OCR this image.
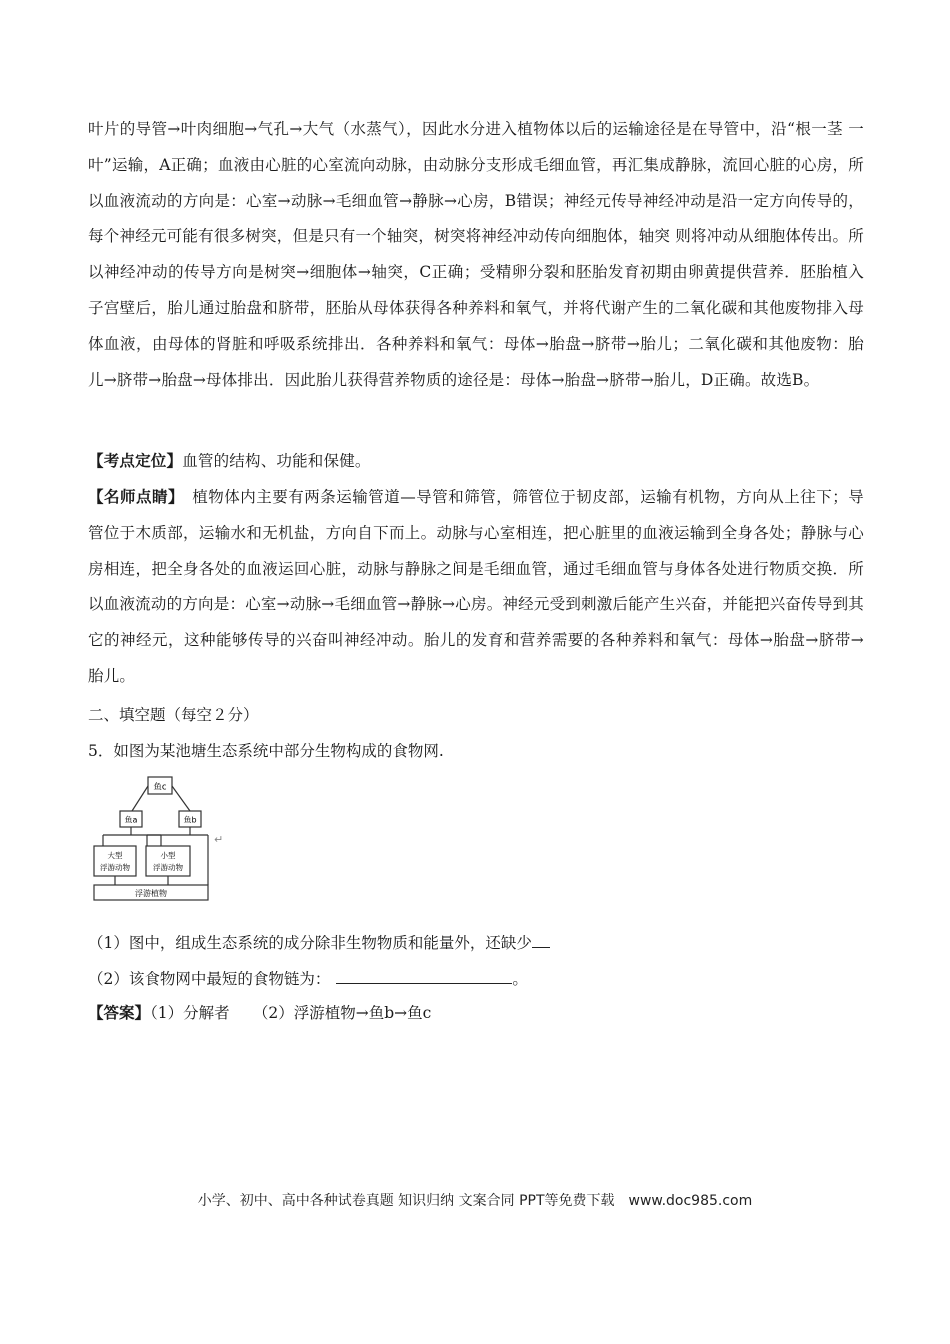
叶片的导管→叶肉细胞→气孔→大气（水蒸气），因此水分进入植物体以后的运输途径是在导管中，沿“根一茎 一叶”运输，A正确；血液由心脏的心室流向动脉，由动脉分支形成毛细血管，再汇集成静脉，流回心脏的心房，所以血液流动的方向是：心室→动脉→毛细血管→静脉→心房，B错误；神经元传导神经冲动是沿一定方向传导的，每个神经元可能有很多树突，但是只有一个轴突，树突将神经冲动传向细胞体，轴突 则将冲动从细胞体传出。所以神经冲动的传导方向是树突→细胞体→轴突，C正确；受精卵分裂和胚胎发育初期由卵黄提供营养．胚胎植入子宫壁后，胎儿通过胎盘和脐带，胚胎从母体获得各种养料和氧气，并将代谢产生的二氧化碳和其他废物排入母体血液，由母体的肾脏和呼吸系统排出．各种养料和氧气：母体→胎盘→脐带→胎儿；二氧化碳和其他废物：胎儿→脐带→胎盘→母体排出．因此胎儿获得营养物质的途径是：母体→胎盘→脐带→胎儿，D正确。故选B。

【考点定位】血管的结构、功能和保健。

【名师点睛】　植物体内主要有两条运输管道—导管和筛管，筛管位于韧皮部，运输有机物，方向从上往下；导管位于木质部，运输水和无机盐，方向自下而上。动脉与心室相连，把心脏里的血液运输到全身各处；静脉与心房相连，把全身各处的血液运回心脏，动脉与静脉之间是毛细血管，通过毛细血管与身体各处进行物质交换．所以血液流动的方向是：心室→动脉→毛细血管→静脉→心房。神经元受到刺激后能产生兴奋，并能把兴奋传导到其它的神经元，这种能够传导的兴奋叫神经冲动。胎儿的发育和营养需要的各种养料和氧气：母体→胎盘→脐带→胎儿。

二、填空题（每空２分）
5．如图为某池塘生态系统中部分生物构成的食物网.
鱼c
鱼a	鱼b
大型
浮游动物
小型
浮游动物
浮游植物
↵
（1）图中，组成生态系统的成分除非生物物质和能量外，还缺少
（2）该食物网中最短的食物链为：	。
【答案】（1）分解者　　（2）浮游植物→鱼b→鱼c
小学、初中、高中各种试卷真题 知识归纳 文案合同 PPT等免费下载　www.doc985.com
